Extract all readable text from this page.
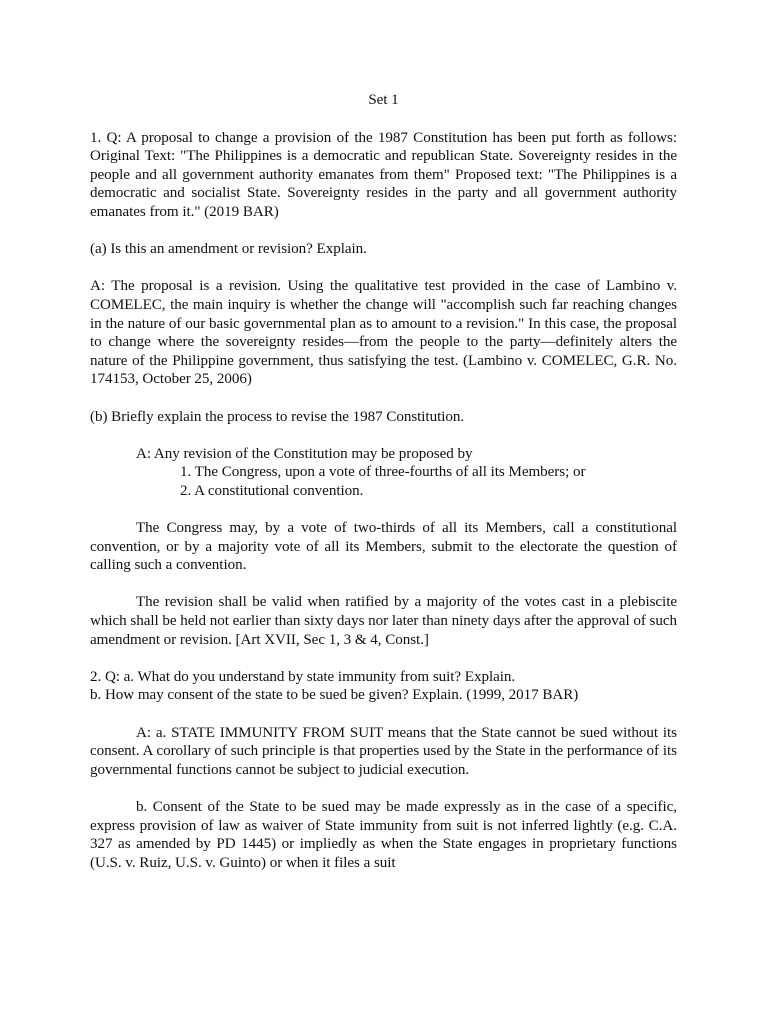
Set 1

1. Q: A proposal to change a provision of the 1987 Constitution has been put forth as follows: Original Text: "The Philippines is a democratic and republican State. Sovereignty resides in the people and all government authority emanates from them" Proposed text: "The Philippines is a democratic and socialist State. Sovereignty resides in the party and all government authority emanates from it." (2019 BAR)

(a) Is this an amendment or revision? Explain.

A: The proposal is a revision. Using the qualitative test provided in the case of Lambino v. COMELEC, the main inquiry is whether the change will "accomplish such far reaching changes in the nature of our basic governmental plan as to amount to a revision." In this case, the proposal to change where the sovereignty resides—from the people to the party—definitely alters the nature of the Philippine government, thus satisfying the test. (Lambino v. COMELEC, G.R. No. 174153, October 25, 2006)

(b) Briefly explain the process to revise the 1987 Constitution.

A: Any revision of the Constitution may be proposed by
1. The Congress, upon a vote of three-fourths of all its Members; or
2. A constitutional convention.

The Congress may, by a vote of two-thirds of all its Members, call a constitutional convention, or by a majority vote of all its Members, submit to the electorate the question of calling such a convention.

The revision shall be valid when ratified by a majority of the votes cast in a plebiscite which shall be held not earlier than sixty days nor later than ninety days after the approval of such amendment or revision. [Art XVII, Sec 1, 3 & 4, Const.]

2. Q: a. What do you understand by state immunity from suit? Explain.
b. How may consent of the state to be sued be given? Explain. (1999, 2017 BAR)

A: a. STATE IMMUNITY FROM SUIT means that the State cannot be sued without its consent. A corollary of such principle is that properties used by the State in the performance of its governmental functions cannot be subject to judicial execution.

b. Consent of the State to be sued may be made expressly as in the case of a specific, express provision of law as waiver of State immunity from suit is not inferred lightly (e.g. C.A. 327 as amended by PD 1445) or impliedly as when the State engages in proprietary functions (U.S. v. Ruiz, U.S. v. Guinto) or when it files a suit
